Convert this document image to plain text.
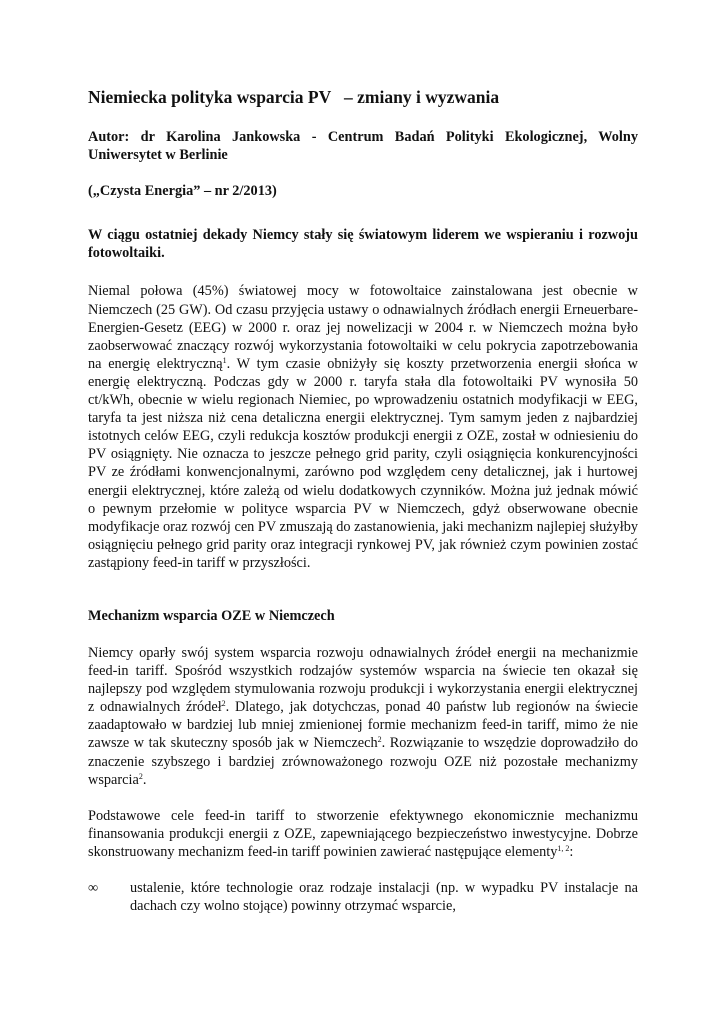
Niemiecka polityka wsparcia PV   – zmiany i wyzwania

Autor: dr Karolina Jankowska - Centrum Badań Polityki Ekologicznej, Wolny Uniwersytet w Berlinie

(„Czysta Energia” – nr 2/2013)

W ciągu ostatniej dekady Niemcy stały się światowym liderem we wspieraniu i rozwoju fotowoltaiki.

Niemal połowa (45%) światowej mocy w fotowoltaice zainstalowana jest obecnie w Niemczech (25 GW). Od czasu przyjęcia ustawy o odnawialnych źródłach energii Erneuerbare-Energien-Gesetz (EEG) w 2000 r. oraz jej nowelizacji w 2004 r. w Niemczech można było zaobserwować znaczący rozwój wykorzystania fotowoltaiki w celu pokrycia zapotrzebowania na energię elektryczną$^1$. W tym czasie obniżyły się koszty przetworzenia energii słońca w energię elektryczną. Podczas gdy w 2000 r. taryfa stała dla fotowoltaiki PV wynosiła 50 ct/kWh, obecnie w wielu regionach Niemiec, po wprowadzeniu ostatnich modyfikacji w EEG, taryfa ta jest niższa niż cena detaliczna energii elektrycznej. Tym samym jeden z najbardziej istotnych celów EEG, czyli redukcja kosztów produkcji energii z OZE, został w odniesieniu do PV osiągnięty. Nie oznacza to jeszcze pełnego grid parity, czyli osiągnięcia konkurencyjności PV ze źródłami konwencjonalnymi, zarówno pod względem ceny detalicznej, jak i hurtowej energii elektrycznej, które zależą od wielu dodatkowych czynników. Można już jednak mówić o pewnym przełomie w polityce wsparcia PV w Niemczech, gdyż obserwowane obecnie modyfikacje oraz rozwój cen PV zmuszają do zastanowienia, jaki mechanizm najlepiej służyłby osiągnięciu pełnego grid parity oraz integracji rynkowej PV, jak również czym powinien zostać zastąpiony feed-in tariff w przyszłości.

Mechanizm wsparcia OZE w Niemczech

Niemcy oparły swój system wsparcia rozwoju odnawialnych źródeł energii na mechanizmie feed-in tariff. Spośród wszystkich rodzajów systemów wsparcia na świecie ten okazał się najlepszy pod względem stymulowania rozwoju produkcji i wykorzystania energii elektrycznej z odnawialnych źródeł$^2$. Dlatego, jak dotychczas, ponad 40 państw lub regionów na świecie zaadaptowało w bardziej lub mniej zmienionej formie mechanizm feed-in tariff, mimo że nie zawsze w tak skuteczny sposób jak w Niemczech$^2$. Rozwiązanie to wszędzie doprowadziło do znaczenie szybszego i bardziej zrównoważonego rozwoju OZE niż pozostałe mechanizmy wsparcia$^2$.

Podstawowe cele feed-in tariff to stworzenie efektywnego ekonomicznie mechanizmu finansowania produkcji energii z OZE, zapewniającego bezpieczeństwo inwestycyjne. Dobrze skonstruowany mechanizm feed-in tariff powinien zawierać następujące elementy$^{1, 2}$:

∞	ustalenie, które technologie oraz rodzaje instalacji (np. w wypadku PV instalacje na dachach czy wolno stojące) powinny otrzymać wsparcie,
